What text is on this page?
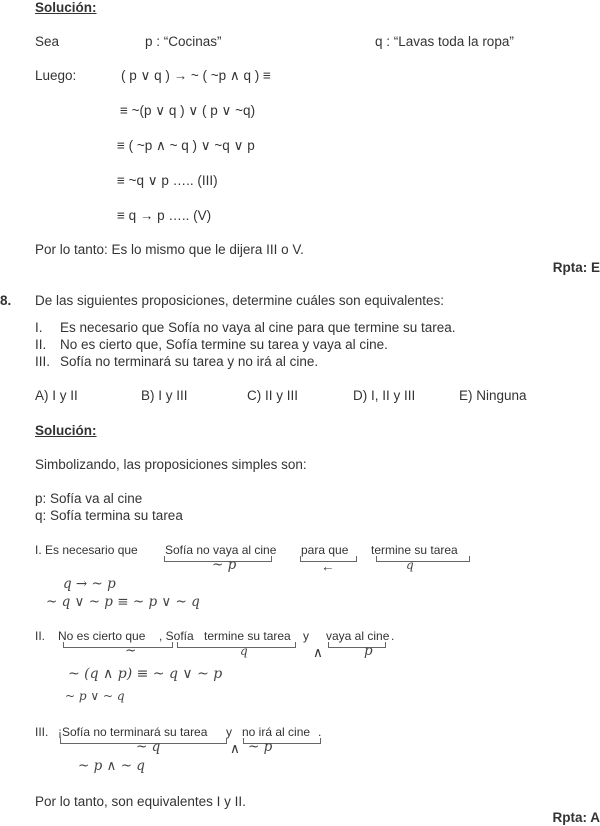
Solución:
Sea	p : “Cocinas”	q : “Lavas toda la ropa”
Luego:	( p ∨ q ) → ~ ( ~p ∧ q ) ≡
≡ ~(p ∨ q ) ∨ ( p ∨ ~q)
≡ ( ~p ∧ ~ q ) ∨ ~q ∨ p
≡ ~q ∨ p ….. (III)
≡ q → p ….. (V)
Por lo tanto: Es lo mismo que le dijera III o V.
Rpta: E
8. De las siguientes proposiciones, determine cuáles son equivalentes:
I. Es necesario que Sofía no vaya al cine para que termine su tarea.
II. No es cierto que, Sofía termine su tarea y vaya al cine.
III. Sofía no terminará su tarea y no irá al cine.
A) I y II	B) I y III	C) II y III	D) I, II y III	E) Ninguna
Solución:
Simbolizando, las proposiciones simples son:
p: Sofía va al cine
q: Sofía termina su tarea
I. Es necesario que Sofía no vaya al cine para que termine su tarea
~ p	←	q
q → ~ p
~ q ∨ ~ p ≡ ~ p ∨ ~ q
II. No es cierto que , Sofía termine su tarea y vaya al cine .
~	q	∧	p
~ (q ∧ p) ≡ ~ q ∨ ~ p
~ p ∨ ~ q
III. ¡Sofía no terminará su tarea y no irá al cine .
~ q	∧ ~ p
~ p ∧ ~ q
Por lo tanto, son equivalentes I y II.
Rpta: A
